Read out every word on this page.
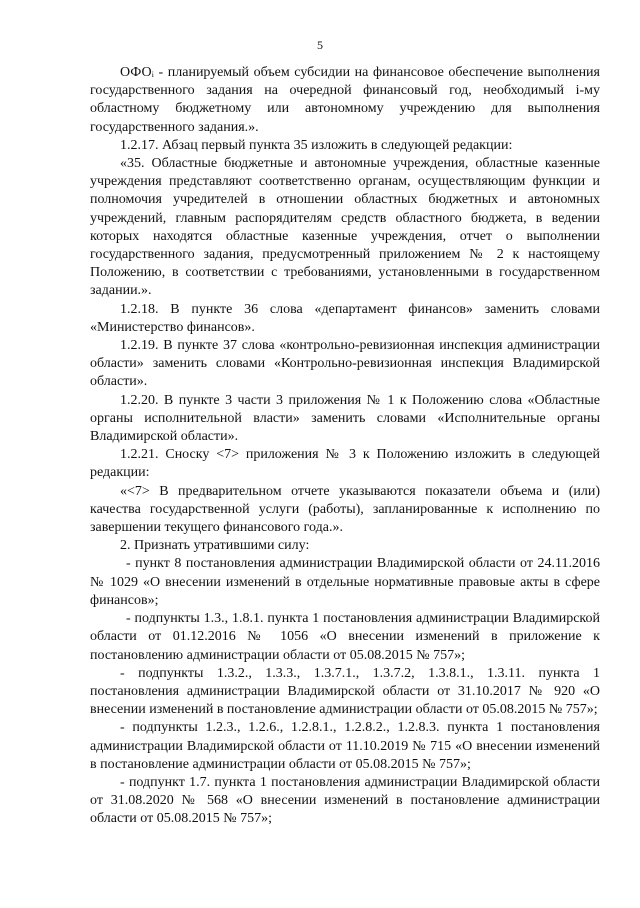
5

ОФОᵢ - планируемый объем субсидии на финансовое обеспечение выполнения государственного задания на очередной финансовый год, необходимый i-му областному бюджетному или автономному учреждению для выполнения государственного задания.».

1.2.17. Абзац первый пункта 35 изложить в следующей редакции:

«35. Областные бюджетные и автономные учреждения, областные казенные учреждения представляют соответственно органам, осуществляющим функции и полномочия учредителей в отношении областных бюджетных и автономных учреждений, главным распорядителям средств областного бюджета, в ведении которых находятся областные казенные учреждения, отчет о выполнении государственного задания, предусмотренный приложением № 2 к настоящему Положению, в соответствии с требованиями, установленными в государственном задании.».

1.2.18. В пункте 36 слова «департамент финансов» заменить словами «Министерство финансов».

1.2.19. В пункте 37 слова «контрольно-ревизионная инспекция администрации области» заменить словами «Контрольно-ревизионная инспекция Владимирской области».

1.2.20. В пункте 3 части 3 приложения № 1 к Положению слова «Областные органы исполнительной власти» заменить словами «Исполнительные органы Владимирской области».

1.2.21. Сноску <7> приложения № 3 к Положению изложить в следующей редакции:

«<7> В предварительном отчете указываются показатели объема и (или) качества государственной услуги (работы), запланированные к исполнению по завершении текущего финансового года.».

2. Признать утратившими силу:

- пункт 8 постановления администрации Владимирской области от 24.11.2016 № 1029 «О внесении изменений в отдельные нормативные правовые акты в сфере финансов»;

- подпункты 1.3., 1.8.1. пункта 1 постановления администрации Владимирской области от 01.12.2016 № 1056 «О внесении изменений в приложение к постановлению администрации области от 05.08.2015 № 757»;

- подпункты 1.3.2., 1.3.3., 1.3.7.1., 1.3.7.2, 1.3.8.1., 1.3.11. пункта 1 постановления администрации Владимирской области от 31.10.2017 № 920 «О внесении изменений в постановление администрации области от 05.08.2015 № 757»;

- подпункты 1.2.3., 1.2.6., 1.2.8.1., 1.2.8.2., 1.2.8.3. пункта 1 постановления администрации Владимирской области от 11.10.2019 № 715 «О внесении изменений в постановление администрации области от 05.08.2015 № 757»;

- подпункт 1.7. пункта 1 постановления администрации Владимирской области от 31.08.2020 № 568 «О внесении изменений в постановление администрации области от 05.08.2015 № 757»;
